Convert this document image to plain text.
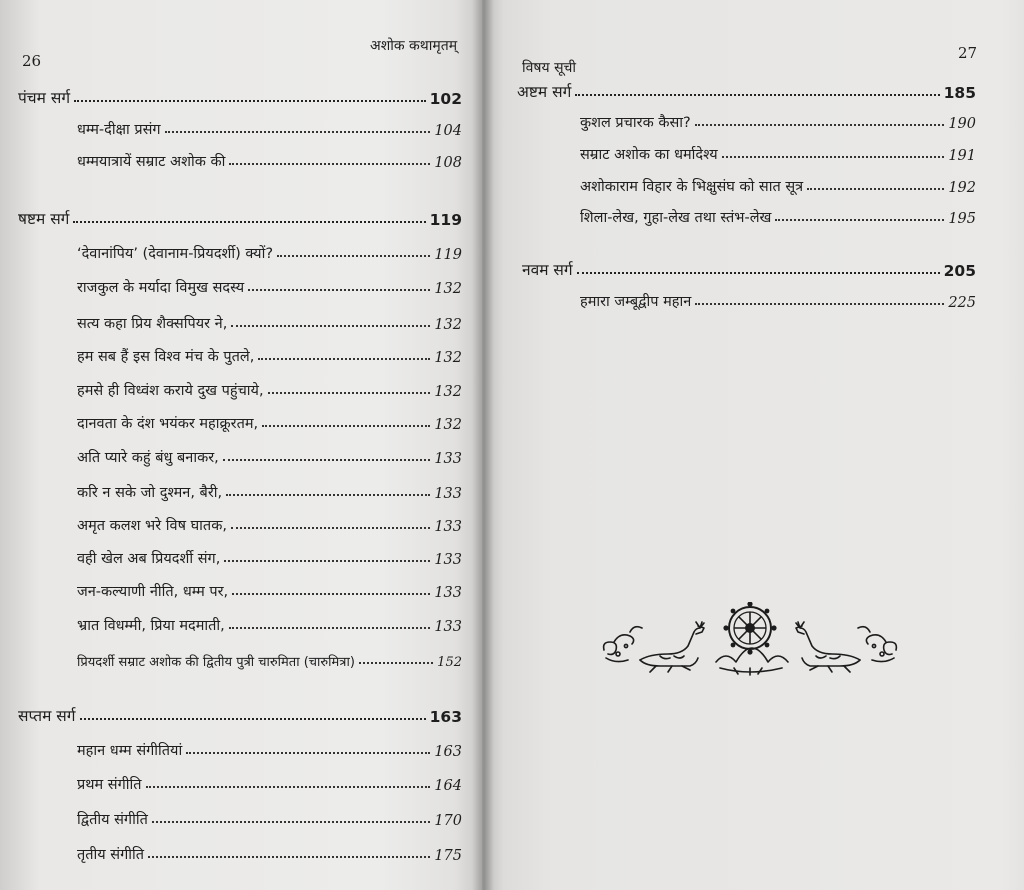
26
अशोक कथामृतम्
पंचम सर्ग	102
धम्म-दीक्षा प्रसंग	104
धम्मयात्रायें सम्राट अशोक की	108
षष्टम सर्ग	119
‘देवानांपिय’ (देवानाम-प्रियदर्शी) क्यों?	119
राजकुल के मर्यादा विमुख सदस्य	132
सत्य कहा प्रिय शैक्सपियर ने,	132
हम सब हैं इस विश्व मंच के पुतले,	132
हमसे ही विध्वंश कराये दुख पहुंचाये,	132
दानवता के दंश भयंकर महाक्रूरतम,	132
अति प्यारे कहुं बंधु बनाकर,	133
करि न सके जो दुश्मन, बैरी,	133
अमृत कलश भरे विष घातक,	133
वही खेल अब प्रियदर्शी संग,	133
जन-कल्याणी नीति, धम्म पर,	133
भ्रात विधम्मी, प्रिया मदमाती,	133
प्रियदर्शी सम्राट अशोक की द्वितीय पुत्री चारुमिता (चारुमित्रा)	152
सप्तम सर्ग	163
महान धम्म संगीतियां	163
प्रथम संगीति	164
द्वितीय संगीति	170
तृतीय संगीति	175
विषय सूची
27
अष्टम सर्ग	185
कुशल प्रचारक कैसा?	190
सम्राट अशोक का धर्मादेश्य	191
अशोकाराम विहार के भिक्षुसंघ को सात सूत्र	192
शिला-लेख, गुहा-लेख तथा स्तंभ-लेख	195
नवम सर्ग	205
हमारा जम्बूद्वीप महान	225
